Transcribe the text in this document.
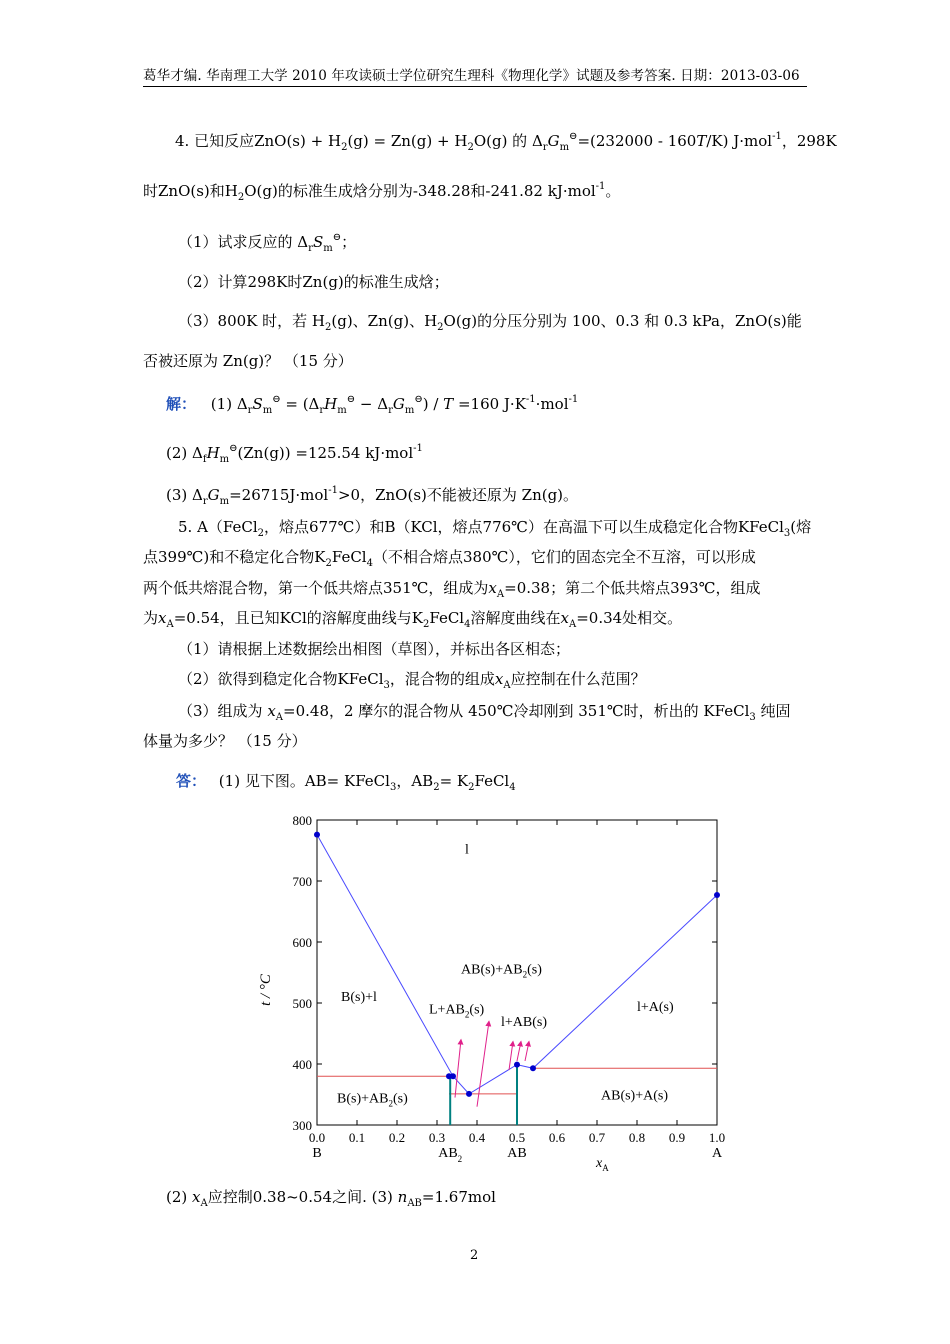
葛华才编. 华南理工大学 2010 年攻读硕士学位研究生理科《物理化学》试题及参考答案. 日期：2013-03-06
4. 已知反应$ZnO(s) + H_2(g) = Zn(g) + H_2O(g)$ 的 $\Delta_rG_m^⊖=(232000 - 160T/K)$ J·mol$^{-1}$，298K
时ZnO(s)和$H_2O(g)$的标准生成焓分别为-348.28和-241.82 kJ·mol$^{-1}$。
（1）试求反应的 $\Delta_rS_m^⊖$；
（2）计算298K时Zn(g)的标准生成焓；
（3）800K 时，若 $H_2(g)$、Zn(g)、$H_2O(g)$的分压分别为 100、0.3 和 0.3 kPa，ZnO(s)能
否被还原为 Zn(g)？ （15 分）
解： (1) $\Delta_rS_m^⊖ = (\Delta_rH_m^⊖ - \Delta_rG_m^⊖) / T =160$ $J\cdot K^{-1}\cdot mol^{-1}$
(2) $\Delta_fH_m^⊖(Zn(g)) =125.54$ kJ·mol$^{-1}$
(3) $\Delta_rG_m=26715J\cdot mol^{-1}>0$，ZnO(s)不能被还原为 Zn(g)。
5. A（FeCl$_2$，熔点677℃）和B（KCl，熔点776℃）在高温下可以生成稳定化合物KFeCl$_3$(熔
点399℃)和不稳定化合物$K_2FeCl_4$（不相合熔点380℃），它们的固态完全不互溶，可以形成
两个低共熔混合物，第一个低共熔点351℃，组成为$x_A=0.38$；第二个低共熔点393℃，组成
为$x_A=0.54$，且已知KCl的溶解度曲线与$K_2FeCl_4$溶解度曲线在$x_A=0.34$处相交。
（1）请根据上述数据绘出相图（草图），并标出各区相态；
（2）欲得到稳定化合物KFeCl$_3$，混合物的组成$x_A$应控制在什么范围？
（3）组成为 $x_A=0.48$，2 摩尔的混合物从 450℃冷却刚到 351℃时，析出的 KFeCl$_3$ 纯固
体量为多少？ （15 分）
答： (1) 见下图。AB= KFeCl$_3$，$AB_2=$ $K_2FeCl_4$
0.0 0.1 0.2 0.3 0.4 0.5 0.6 0.7 0.8 0.9 1.0
300
400
500
600
700
800
l
B(s)+l
$L+AB_2(s)$
$AB(s)+AB_2(s)$
l+AB(s)
l+A(s)
$B(s)+AB_2(s)$	AB(s)+A(s)
B	$AB_2$	AB	A
t / °C
$x_A$
(2) $x_A$应控制0.38~0.54之间. (3) $n_{AB}=1.67mol$
2
